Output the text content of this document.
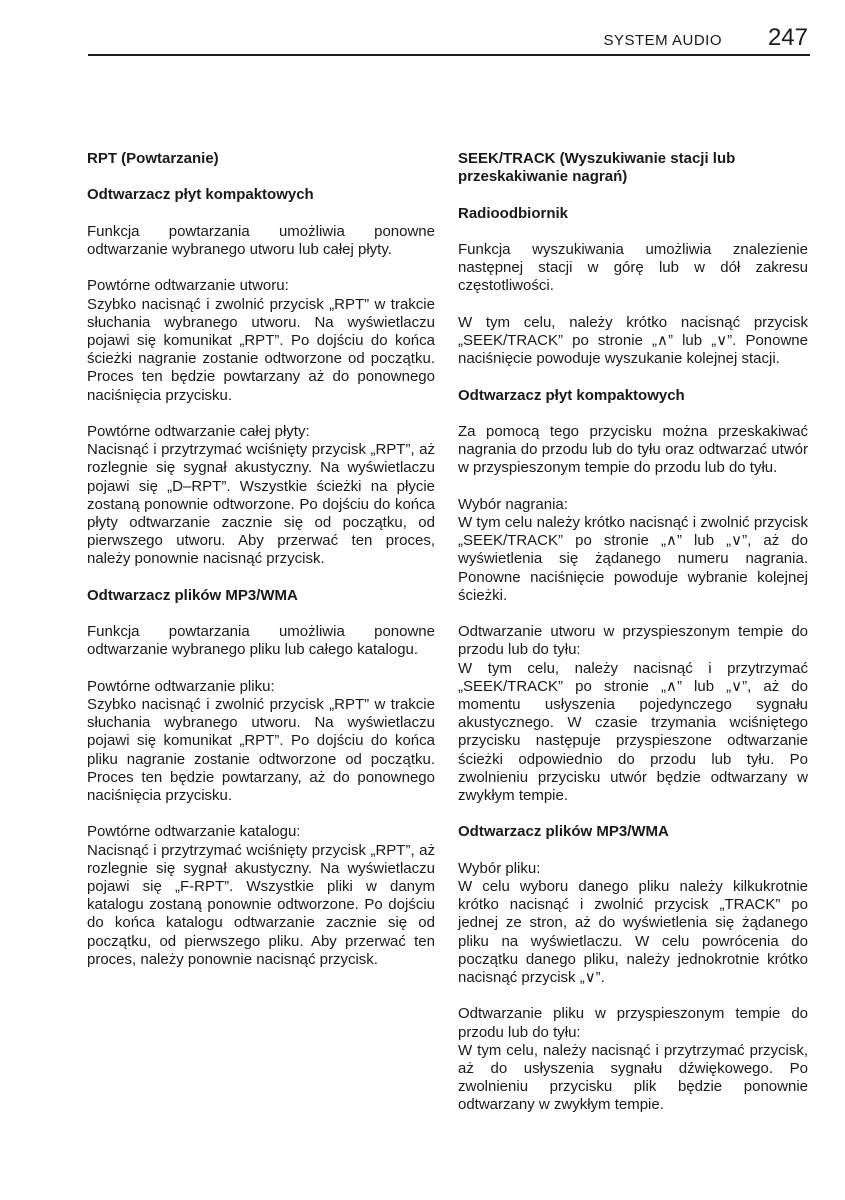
SYSTEM AUDIO 247

RPT (Powtarzanie)

Odtwarzacz płyt kompaktowych

Funkcja powtarzania umożliwia ponowne odtwarzanie wybranego utworu lub całej płyty.

Powtórne odtwarzanie utworu:
Szybko nacisnąć i zwolnić przycisk „RPT” w trakcie słuchania wybranego utworu. Na wyświetlaczu pojawi się komunikat „RPT”. Po dojściu do końca ścieżki nagranie zostanie odtworzone od początku. Proces ten będzie powtarzany aż do ponownego naciśnięcia przycisku.

Powtórne odtwarzanie całej płyty:
Nacisnąć i przytrzymać wciśnięty przycisk „RPT”, aż rozlegnie się sygnał akustyczny. Na wyświetlaczu pojawi się „D–RPT”. Wszystkie ścieżki na płycie zostaną ponownie odtworzone. Po dojściu do końca płyty odtwarzanie zacznie się od początku, od pierwszego utworu. Aby przerwać ten proces, należy ponownie nacisnąć przycisk.

Odtwarzacz plików MP3/WMA

Funkcja powtarzania umożliwia ponowne odtwarzanie wybranego pliku lub całego katalogu.

Powtórne odtwarzanie pliku:
Szybko nacisnąć i zwolnić przycisk „RPT” w trakcie słuchania wybranego utworu. Na wyświetlaczu pojawi się komunikat „RPT”. Po dojściu do końca pliku nagranie zostanie odtworzone od początku. Proces ten będzie powtarzany, aż do ponownego naciśnięcia przycisku.

Powtórne odtwarzanie katalogu:
Nacisnąć i przytrzymać wciśnięty przycisk „RPT”, aż rozlegnie się sygnał akustyczny. Na wyświetlaczu pojawi się „F-RPT”. Wszystkie pliki w danym katalogu zostaną ponownie odtworzone. Po dojściu do końca katalogu odtwarzanie zacznie się od początku, od pierwszego pliku. Aby przerwać ten proces, należy ponownie nacisnąć przycisk.

SEEK/TRACK (Wyszukiwanie stacji lub przeskakiwanie nagrań)

Radioodbiornik

Funkcja wyszukiwania umożliwia znalezienie następnej stacji w górę lub w dół zakresu częstotliwości.

W tym celu, należy krótko nacisnąć przycisk „SEEK/TRACK” po stronie „∧” lub „∨”. Ponowne naciśnięcie powoduje wyszukanie kolejnej stacji.

Odtwarzacz płyt kompaktowych

Za pomocą tego przycisku można przeskakiwać nagrania do przodu lub do tyłu oraz odtwarzać utwór w przyspieszonym tempie do przodu lub do tyłu.

Wybór nagrania:
W tym celu należy krótko nacisnąć i zwolnić przycisk „SEEK/TRACK” po stronie „∧” lub „∨”, aż do wyświetlenia się żądanego numeru nagrania. Ponowne naciśnięcie powoduje wybranie kolejnej ścieżki.

Odtwarzanie utworu w przyspieszonym tempie do przodu lub do tyłu:
W tym celu, należy nacisnąć i przytrzymać „SEEK/TRACK” po stronie „∧” lub „∨”, aż do momentu usłyszenia pojedynczego sygnału akustycznego. W czasie trzymania wciśniętego przycisku następuje przyspieszone odtwarzanie ścieżki odpowiednio do przodu lub tyłu. Po zwolnieniu przycisku utwór będzie odtwarzany w zwykłym tempie.

Odtwarzacz plików MP3/WMA

Wybór pliku:
W celu wyboru danego pliku należy kilkukrotnie krótko nacisnąć i zwolnić przycisk „TRACK” po jednej ze stron, aż do wyświetlenia się żądanego pliku na wyświetlaczu. W celu powrócenia do początku danego pliku, należy jednokrotnie krótko nacisnąć przycisk „∨”.

Odtwarzanie pliku w przyspieszonym tempie do przodu lub do tyłu:
W tym celu, należy nacisnąć i przytrzymać przycisk, aż do usłyszenia sygnału dźwiękowego. Po zwolnieniu przycisku plik będzie ponownie odtwarzany w zwykłym tempie.
